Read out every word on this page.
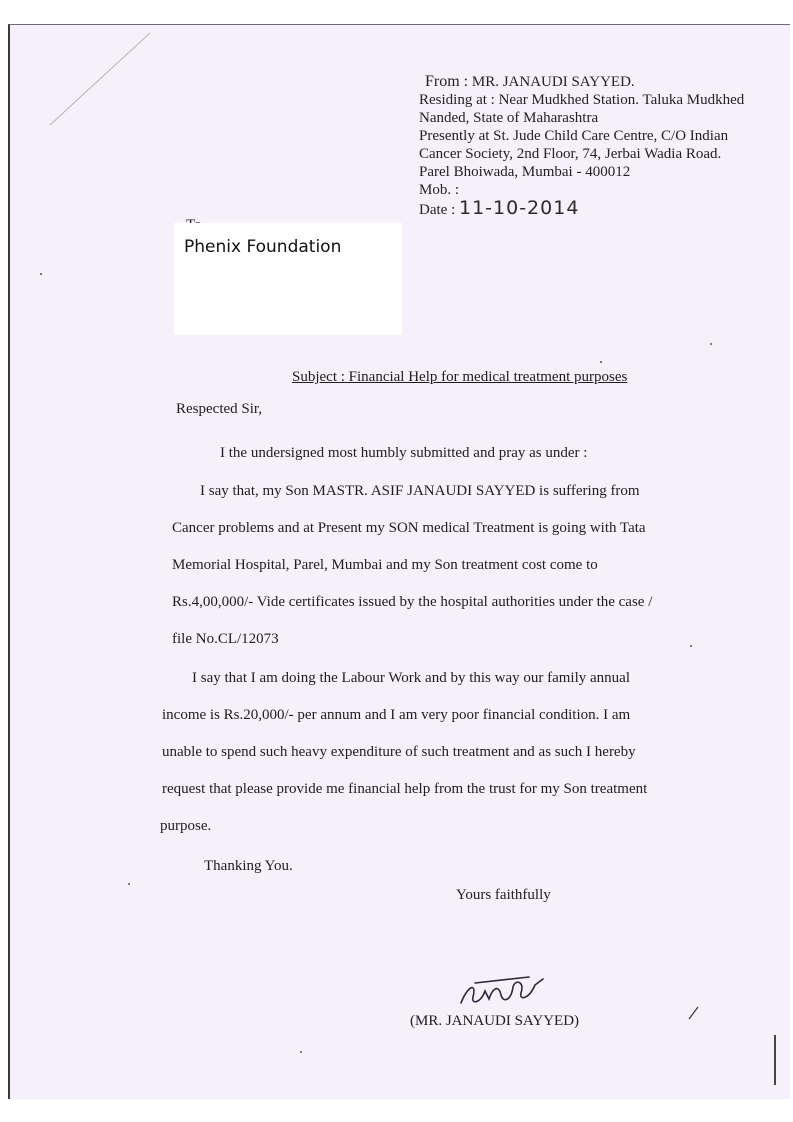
From : MR. JANAUDI SAYYED.
Residing at : Near Mudkhed Station. Taluka Mudkhed
Nanded, State of Maharashtra
Presently at St. Jude Child Care Centre, C/O Indian
Cancer Society, 2nd Floor, 74, Jerbai Wadia Road.
Parel Bhoiwada, Mumbai - 400012
Mob. :
Date : 11-10-2014
Phenix Foundation
Subject : Financial Help for medical treatment purposes
Respected Sir,
I the undersigned most humbly submitted and pray as under :
I say that, my Son MASTR. ASIF JANAUDI SAYYED is suffering from
Cancer problems and at Present my SON medical Treatment is going with Tata
Memorial Hospital, Parel, Mumbai and my Son treatment cost come to
Rs.4,00,000/- Vide certificates issued by the hospital authorities under the case /
file No.CL/12073
I say that I am doing the Labour Work and by this way our family annual
income is Rs.20,000/- per annum and I am very poor financial condition. I am
unable to spend such heavy expenditure of such treatment and as such I hereby
request that please provide me financial help from the trust for my Son treatment
purpose.
Thanking You.
Yours faithfully
(MR. JANAUDI SAYYED)
